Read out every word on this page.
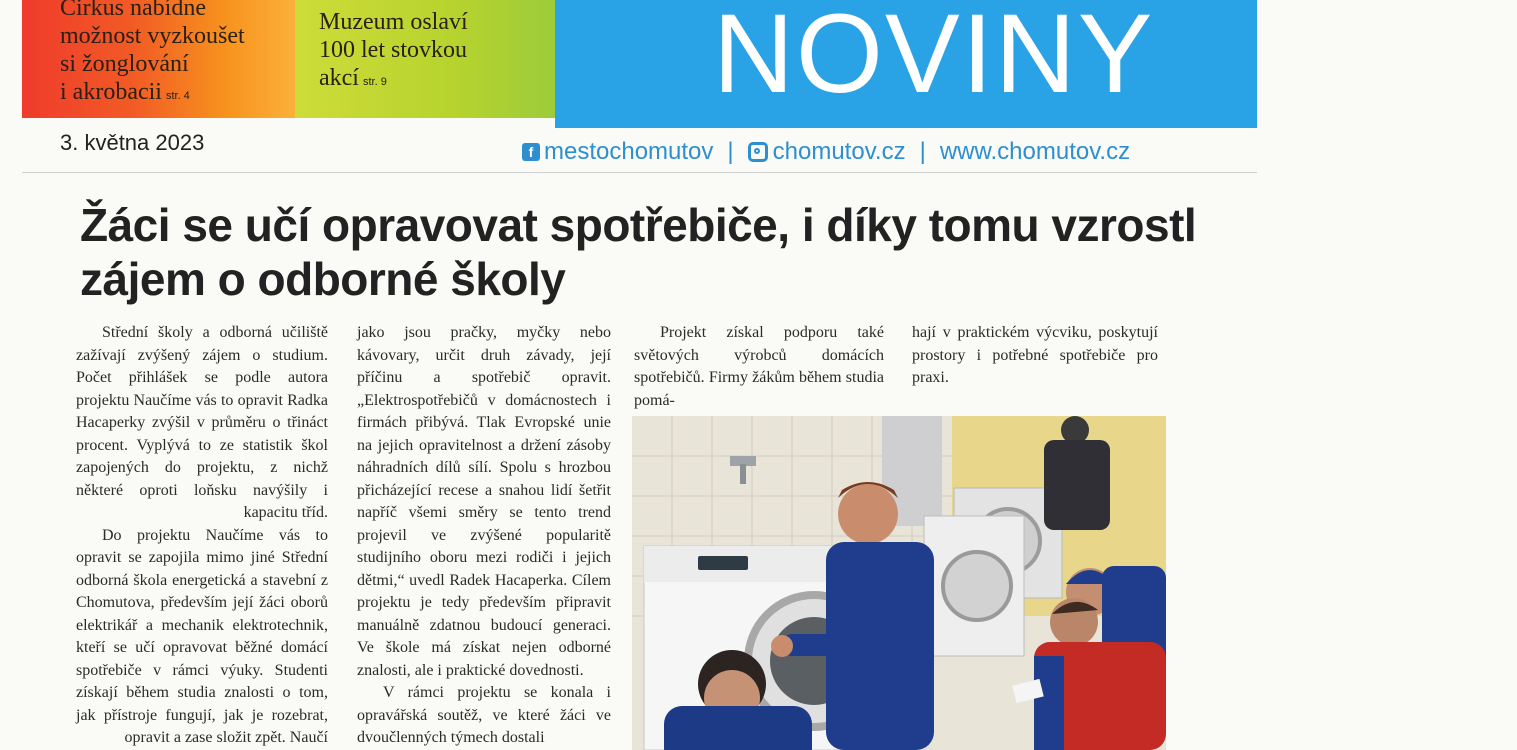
Cirkus nabídne
možnost vyzkoušet
si žonglování
i akrobacii str. 4
Muzeum oslaví
100 let stovkou
akcí str. 9	NOVINY
3. května 2023	f mestochomutov | chomutov.cz | www.chomutov.cz
Žáci se učí opravovat spotřebiče, i díky tomu vzrostl zájem o odborné školy

Střední školy a odborná učiliště zažívají zvýšený zájem o studium. Počet přihlášek se podle autora projektu Naučíme vás to opravit Radka Hacaperky zvýšil v průměru o třináct procent. Vyplývá to ze statistik škol zapojených do projektu, z nichž některé oproti loňsku navýšily i kapacitu tříd.

Do projektu Naučíme vás to opravit se zapojila mimo jiné Střední odborná škola energetická a stavební z Chomutova, především její žáci oborů elektrikář a mechanik elektrotechnik, kteří se učí opravovat běžné domácí spotřebiče v rámci výuky. Studenti získají během studia znalosti o tom, jak přístroje fungují, jak je rozebrat, opravit a zase složit zpět. Naučí

jako jsou pračky, myčky nebo kávovary, určit druh závady, její příčinu a spotřebič opravit. „Elektrospotřebičů v domácnostech i firmách přibývá. Tlak Evropské unie na jejich opravitelnost a držení zásoby náhradních dílů sílí. Spolu s hrozbou přicházející recese a snahou lidí šetřit napříč všemi směry se tento trend projevil ve zvýšené popularitě studijního oboru mezi rodiči i jejich dětmi,“ uvedl Radek Hacaperka. Cílem projektu je tedy především připravit manuálně zdatnou budoucí generaci. Ve škole má získat nejen odborné znalosti, ale i praktické dovednosti.

V rámci projektu se konala i opravářská soutěž, ve které žáci ve dvoučlenných týmech dostali

Projekt získal podporu také světových výrobců domácích spotřebičů. Firmy žákům během studia pomá-

hají v praktickém výcviku, poskytují prostory i potřebné spotřebiče pro praxi.
